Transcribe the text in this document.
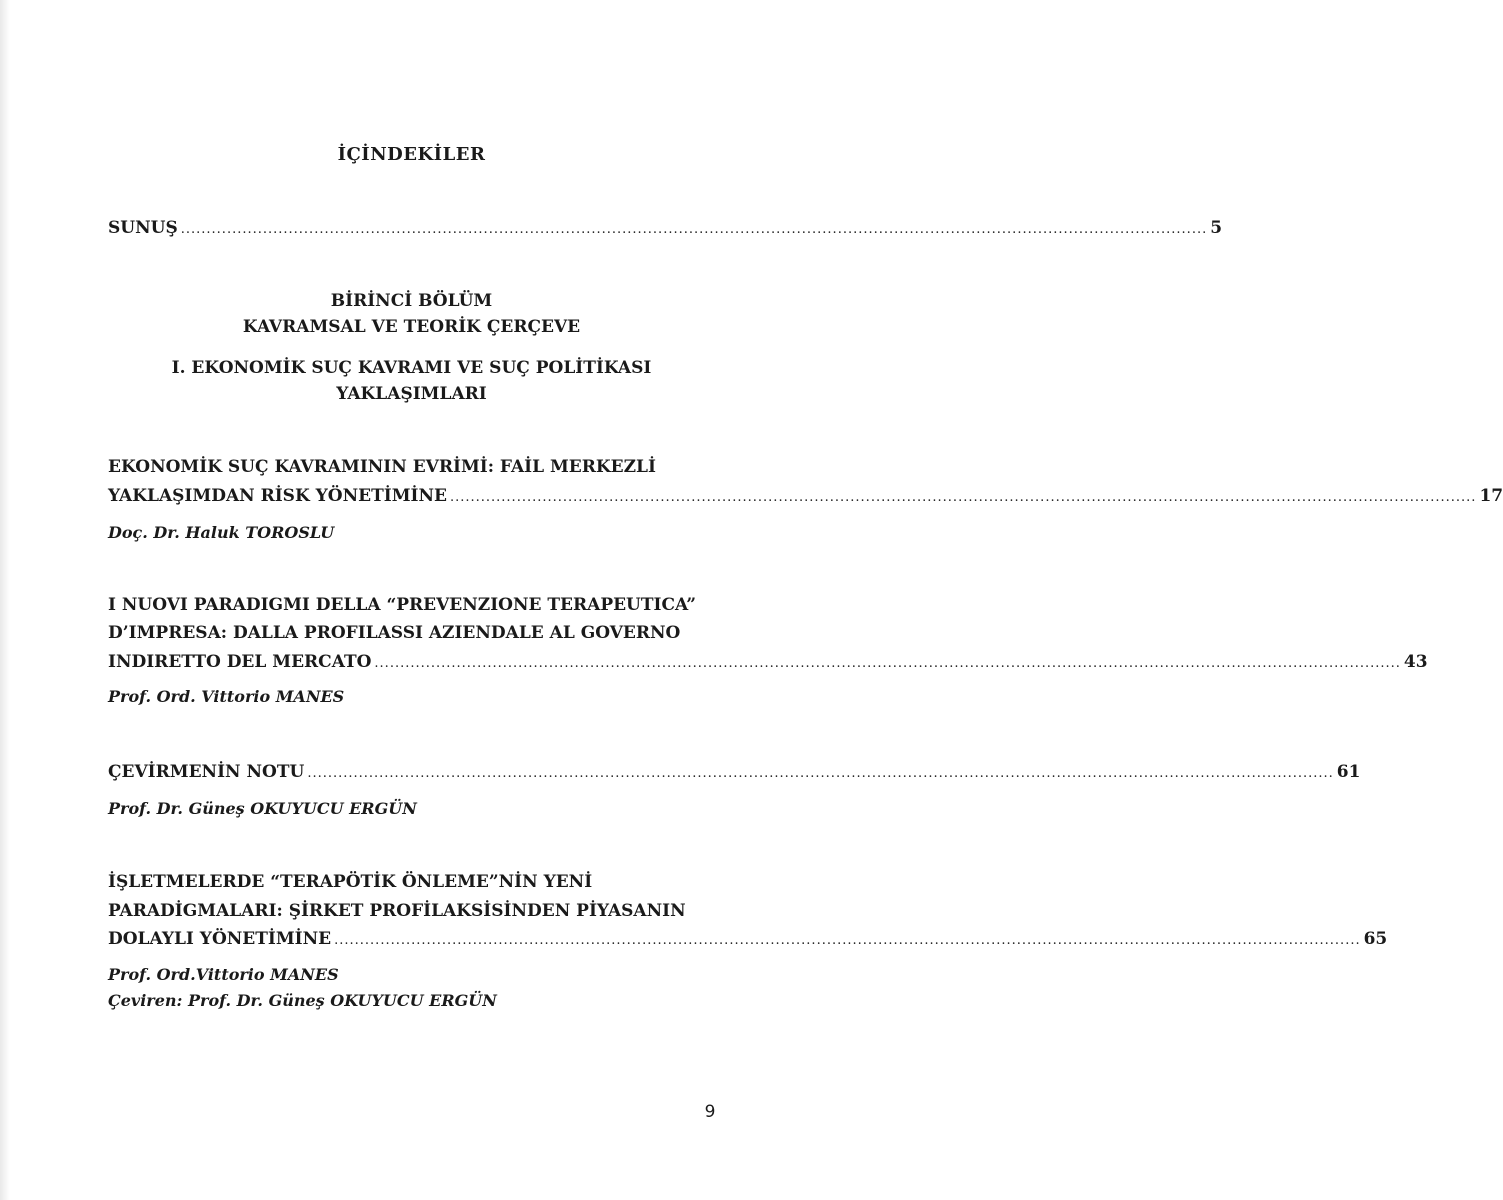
İÇİNDEKİLER
SUNUŞ ........................................................................................................................................................................................................ 5
BİRİNCİ BÖLÜM
KAVRAMSAL VE TEORİK ÇERÇEVE
I. EKONOMİK SUÇ KAVRAMI VE SUÇ POLİTİKASI
YAKLAŞIMLARI
EKONOMİK SUÇ KAVRAMININ EVRİMİ: FAİL MERKEZLİ
YAKLAŞIMDAN RİSK YÖNETİMİNE ........................................................................................................................................................................................................ 17
Doç. Dr. Haluk TOROSLU
I NUOVI PARADIGMI DELLA “PREVENZIONE TERAPEUTICA”
D’IMPRESA: DALLA PROFILASSI AZIENDALE AL GOVERNO
INDIRETTO DEL MERCATO ........................................................................................................................................................................................................ 43
Prof. Ord. Vittorio MANES
ÇEVİRMENİN NOTU ........................................................................................................................................................................................................ 61
Prof. Dr. Güneş OKUYUCU ERGÜN
İŞLETMELERDE “TERAPÖTİK ÖNLEME”NİN YENİ
PARADİGMALARI: ŞİRKET PROFİLAKSİSİNDEN PİYASANIN
DOLAYLI YÖNETİMİNE ........................................................................................................................................................................................................ 65
Prof. Ord.Vittorio MANES
Çeviren: Prof. Dr. Güneş OKUYUCU ERGÜN
9
